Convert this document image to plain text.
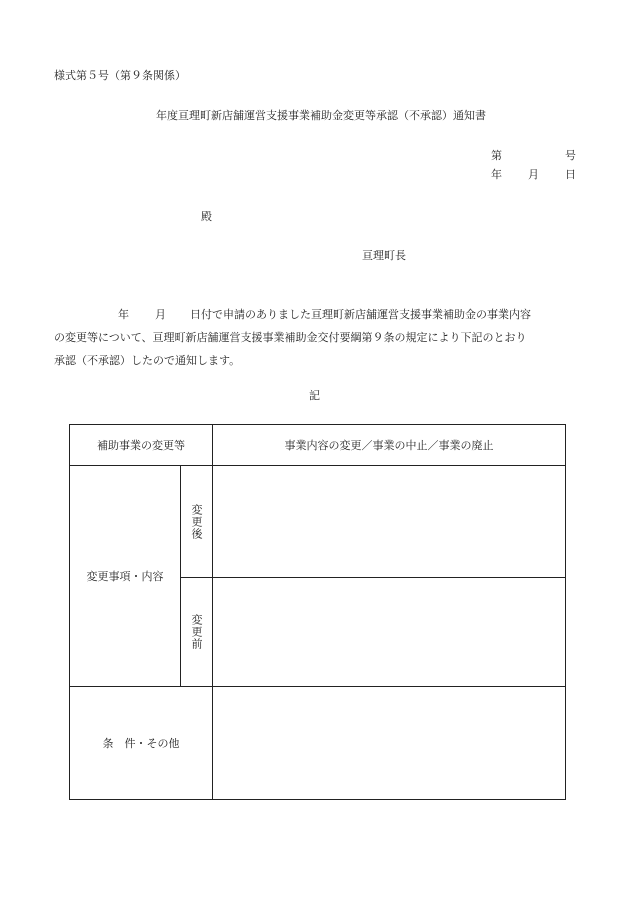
様式第５号（第９条関係）
年度亘理町新店舗運営支援事業補助金変更等承認（不承認）通知書
第	号
年 月 日
殿
亘理町長

年 月 日付で申請のありました亘理町新店舗運営支援事業補助金の事業内容

の変更等について、亘理町新店舗運営支援事業補助金交付要綱第９条の規定により下記のとおり

承認（不承認）したので通知します。

記
補助事業の変更等	事業内容の変更／事業の中止／事業の廃止
変更事項・内容
変更後
変更前
条　件・その他
